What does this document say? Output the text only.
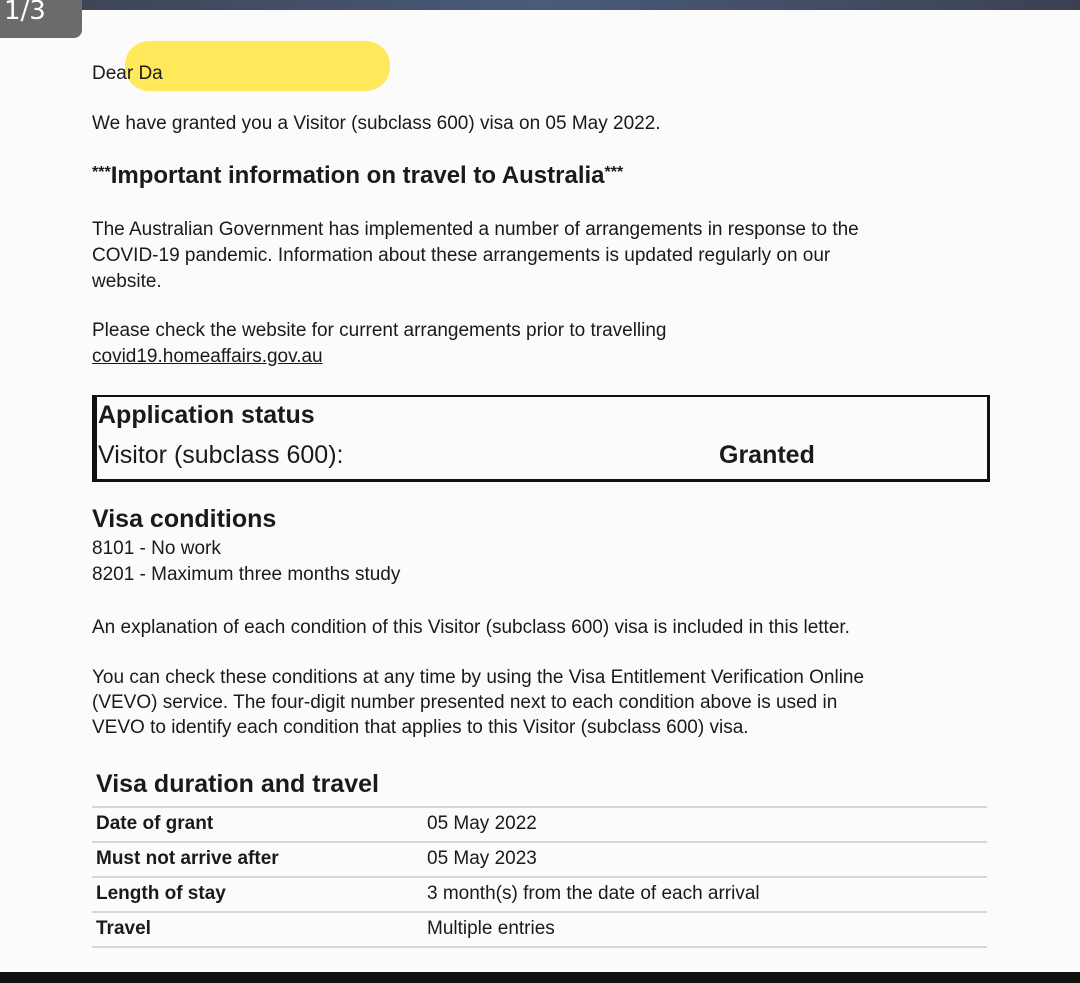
1/3
Dear Da
We have granted you a Visitor (subclass 600) visa on 05 May 2022.
***Important information on travel to Australia***
The Australian Government has implemented a number of arrangements in response to the
COVID-19 pandemic. Information about these arrangements is updated regularly on our
website.
Please check the website for current arrangements prior to travelling
covid19.homeaffairs.gov.au
Application status
Visitor (subclass 600):	Granted
Visa conditions
8101 - No work
8201 - Maximum three months study
An explanation of each condition of this Visitor (subclass 600) visa is included in this letter.
You can check these conditions at any time by using the Visa Entitlement Verification Online
(VEVO) service. The four-digit number presented next to each condition above is used in
VEVO to identify each condition that applies to this Visitor (subclass 600) visa.
Visa duration and travel
Date of grant	05 May 2022
Must not arrive after	05 May 2023
Length of stay	3 month(s) from the date of each arrival
Travel	Multiple entries
